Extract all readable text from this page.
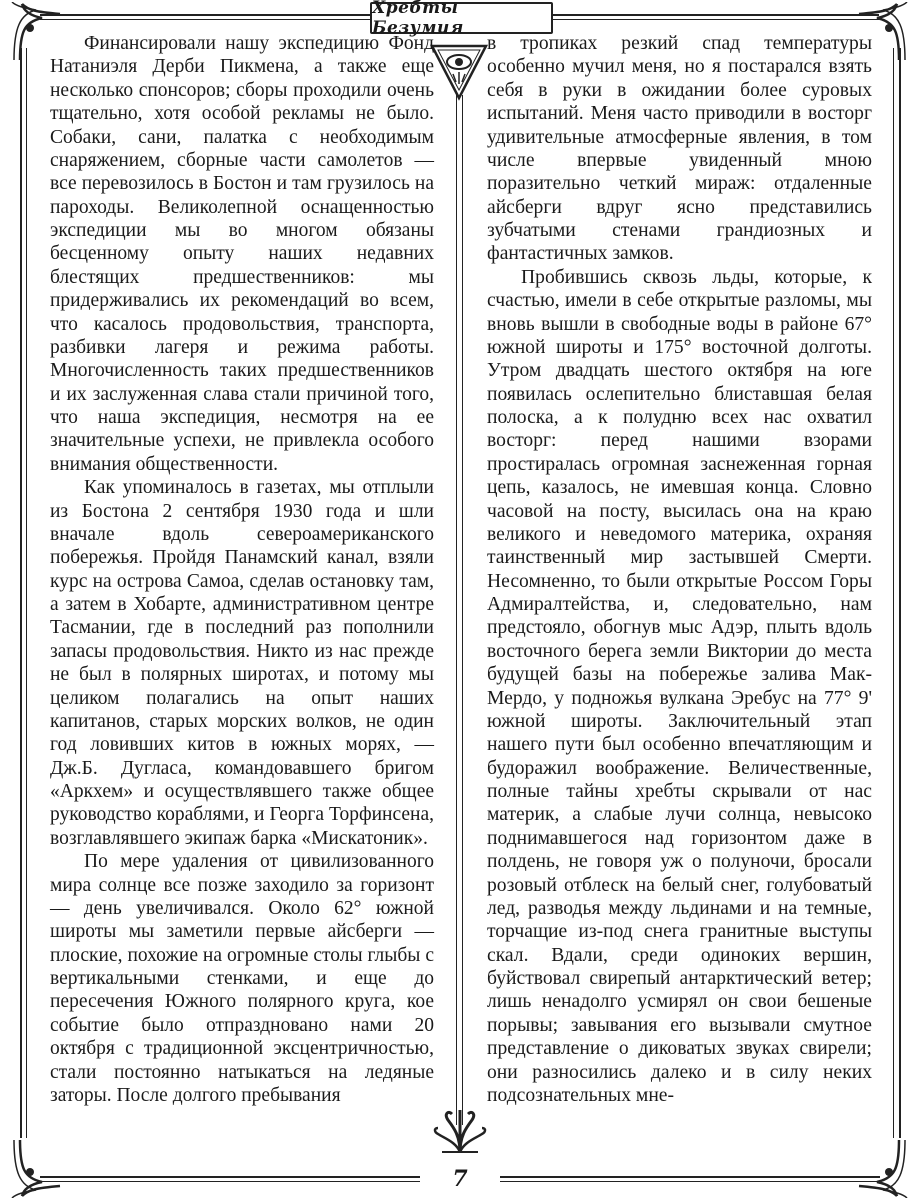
Хребты Безумия
7

Финансировали нашу экспедицию Фонд Натаниэля Дерби Пикмена, а также еще несколько спонсоров; сборы проходили очень тщательно, хотя особой рекламы не было. Собаки, сани, палатка с необходимым снаряжением, сборные части самолетов — все перевозилось в Бостон и там грузилось на пароходы. Великолепной оснащенностью экспедиции мы во многом обязаны бесценному опыту наших недавних блестящих предшественников: мы придерживались их рекомендаций во всем, что касалось продовольствия, транспорта, разбивки лагеря и режима работы. Многочисленность таких предшественников и их заслуженная слава стали причиной того, что наша экспедиция, несмотря на ее значительные успехи, не привлекла особого внимания общественности.

Как упоминалось в газетах, мы отплыли из Бостона 2 сентября 1930 года и шли вначале вдоль североамериканского побережья. Пройдя Панамский канал, взяли курс на острова Самоа, сделав остановку там, а затем в Хобарте, административном центре Тасмании, где в последний раз пополнили запасы продовольствия. Никто из нас прежде не был в полярных широтах, и потому мы целиком полагались на опыт наших капитанов, старых морских волков, не один год ловивших китов в южных морях, — Дж.Б. Дугласа, командовавшего бригом «Аркхем» и осуществлявшего также общее руководство кораблями, и Георга Торфинсена, возглавлявшего экипаж барка «Мискатоник».

По мере удаления от цивилизованного мира солнце все позже заходило за горизонт — день увеличивался. Около 62° южной широты мы заметили первые айсберги — плоские, похожие на огромные столы глыбы с вертикальными стенками, и еще до пересечения Южного полярного круга, кое событие было отпраздновано нами 20 октября с традиционной эксцентричностью, стали постоянно натыкаться на ледяные заторы. После долгого пребывания

в тропиках резкий спад температуры особенно мучил меня, но я постарался взять себя в руки в ожидании более суровых испытаний. Меня часто приводили в восторг удивительные атмосферные явления, в том числе впервые увиденный мною поразительно четкий мираж: отдаленные айсберги вдруг ясно представились зубчатыми стенами грандиозных и фантастичных замков.

Пробившись сквозь льды, которые, к счастью, имели в себе открытые разломы, мы вновь вышли в свободные воды в районе 67° южной широты и 175° восточной долготы. Утром двадцать шестого октября на юге появилась ослепительно блиставшая белая полоска, а к полудню всех нас охватил восторг: перед нашими взорами простиралась огромная заснеженная горная цепь, казалось, не имевшая конца. Словно часовой на посту, высилась она на краю великого и неведомого материка, охраняя таинственный мир застывшей Смерти. Несомненно, то были открытые Россом Горы Адмиралтейства, и, следовательно, нам предстояло, обогнув мыс Адэр, плыть вдоль восточного берега земли Виктории до места будущей базы на побережье залива Мак-Мердо, у подножья вулкана Эребус на 77° 9' южной широты. Заключительный этап нашего пути был особенно впечатляющим и будоражил воображение. Величественные, полные тайны хребты скрывали от нас материк, а слабые лучи солнца, невысоко поднимавшегося над горизонтом даже в полдень, не говоря уж о полуночи, бросали розовый отблеск на белый снег, голубоватый лед, разводья между льдинами и на темные, торчащие из-под снега гранитные выступы скал. Вдали, среди одиноких вершин, буйствовал свирепый антарктический ветер; лишь ненадолго усмирял он свои бешеные порывы; завывания его вызывали смутное представление о диковатых звуках свирели; они разносились далеко и в силу неких подсознательных мне-
